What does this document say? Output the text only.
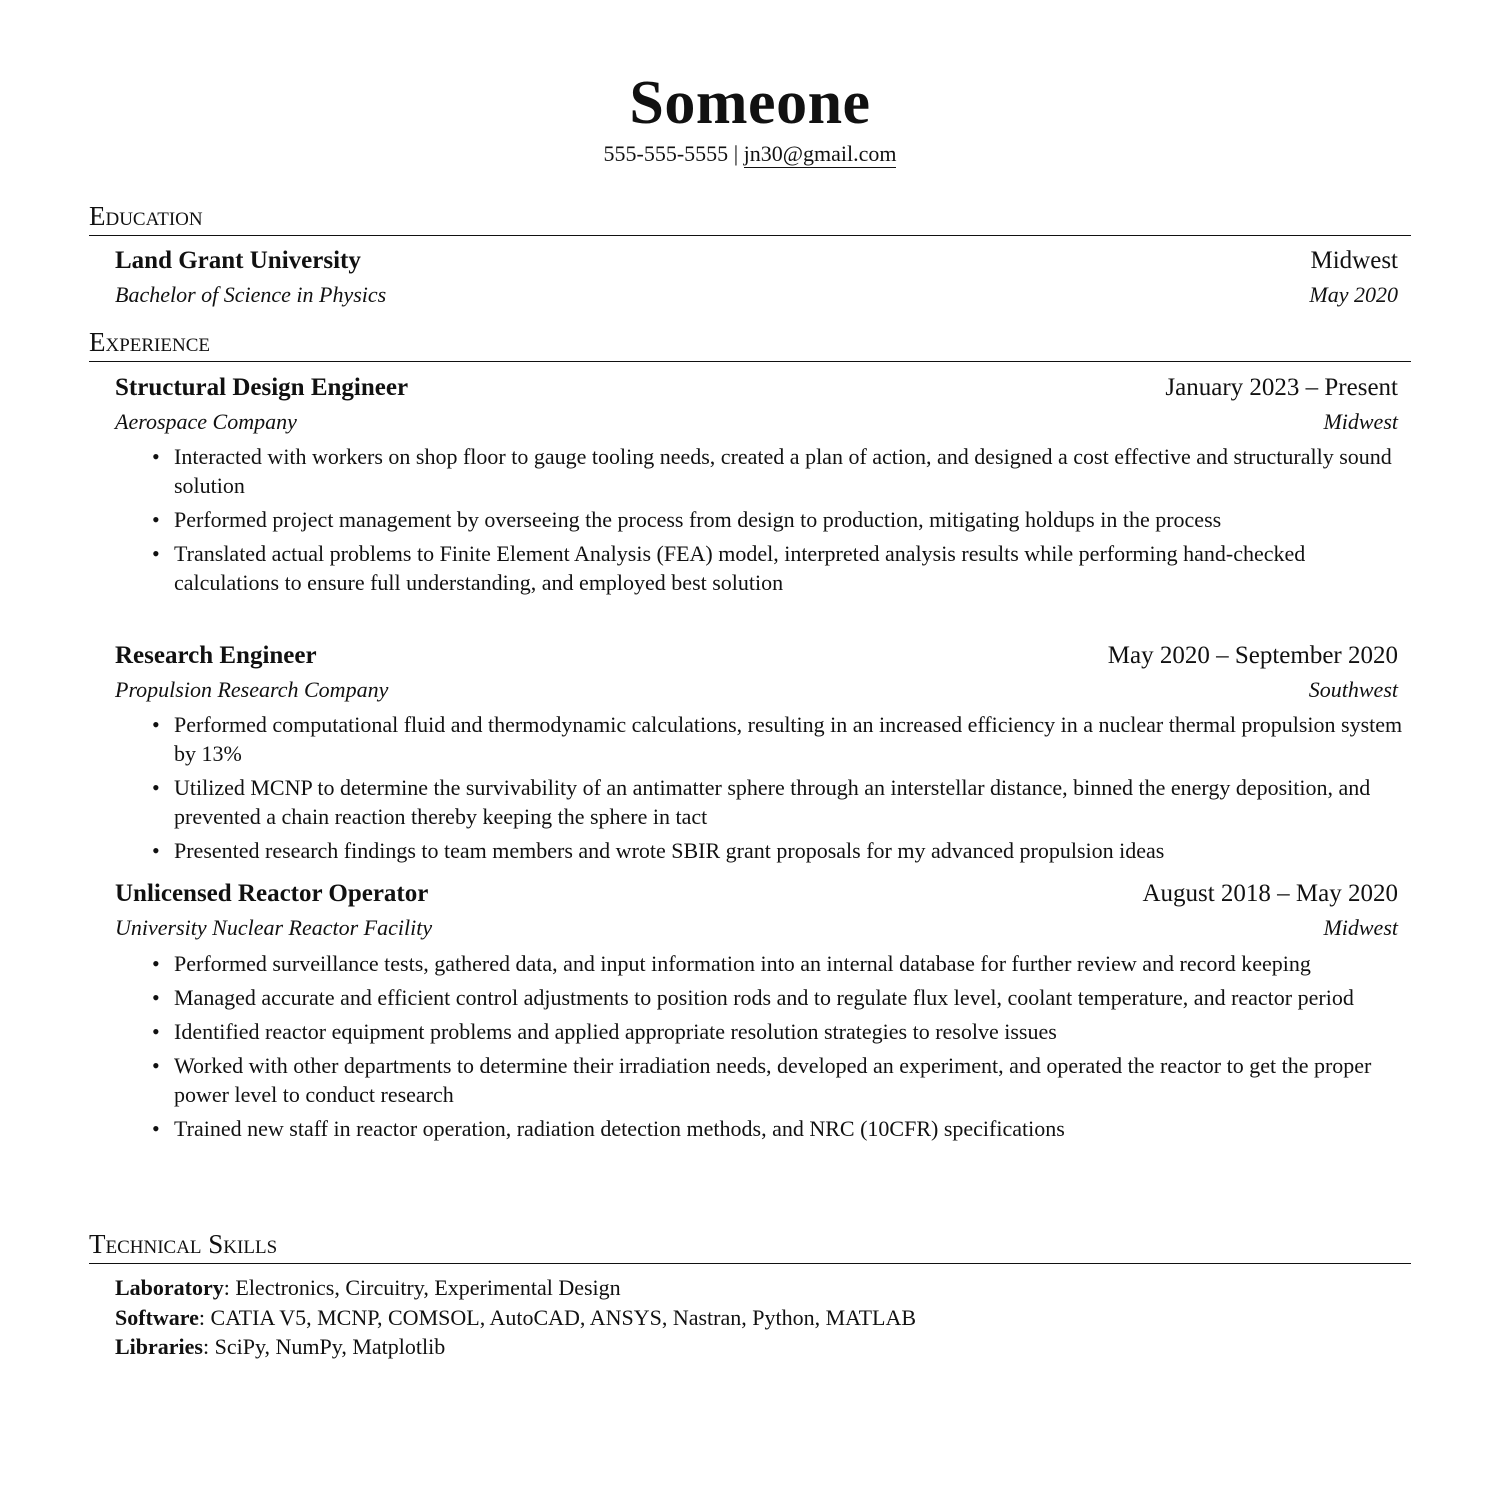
Someone
555-555-5555 | jn30@gmail.com
Education
Land Grant University	Midwest
Bachelor of Science in Physics	May 2020
Experience
Structural Design Engineer	January 2023 – Present
Aerospace Company	Midwest
• Interacted with workers on shop floor to gauge tooling needs, created a plan of action, and designed a cost effective and structurally sound solution
• Performed project management by overseeing the process from design to production, mitigating holdups in the process
• Translated actual problems to Finite Element Analysis (FEA) model, interpreted analysis results while performing hand-checked calculations to ensure full understanding, and employed best solution
Research Engineer	May 2020 – September 2020
Propulsion Research Company	Southwest
• Performed computational fluid and thermodynamic calculations, resulting in an increased efficiency in a nuclear thermal propulsion system by 13%
• Utilized MCNP to determine the survivability of an antimatter sphere through an interstellar distance, binned the energy deposition, and prevented a chain reaction thereby keeping the sphere in tact
• Presented research findings to team members and wrote SBIR grant proposals for my advanced propulsion ideas
Unlicensed Reactor Operator	August 2018 – May 2020
University Nuclear Reactor Facility	Midwest
• Performed surveillance tests, gathered data, and input information into an internal database for further review and record keeping
• Managed accurate and efficient control adjustments to position rods and to regulate flux level, coolant temperature, and reactor period
• Identified reactor equipment problems and applied appropriate resolution strategies to resolve issues
• Worked with other departments to determine their irradiation needs, developed an experiment, and operated the reactor to get the proper power level to conduct research
• Trained new staff in reactor operation, radiation detection methods, and NRC (10CFR) specifications
Technical Skills
Laboratory: Electronics, Circuitry, Experimental Design
Software: CATIA V5, MCNP, COMSOL, AutoCAD, ANSYS, Nastran, Python, MATLAB
Libraries: SciPy, NumPy, Matplotlib
